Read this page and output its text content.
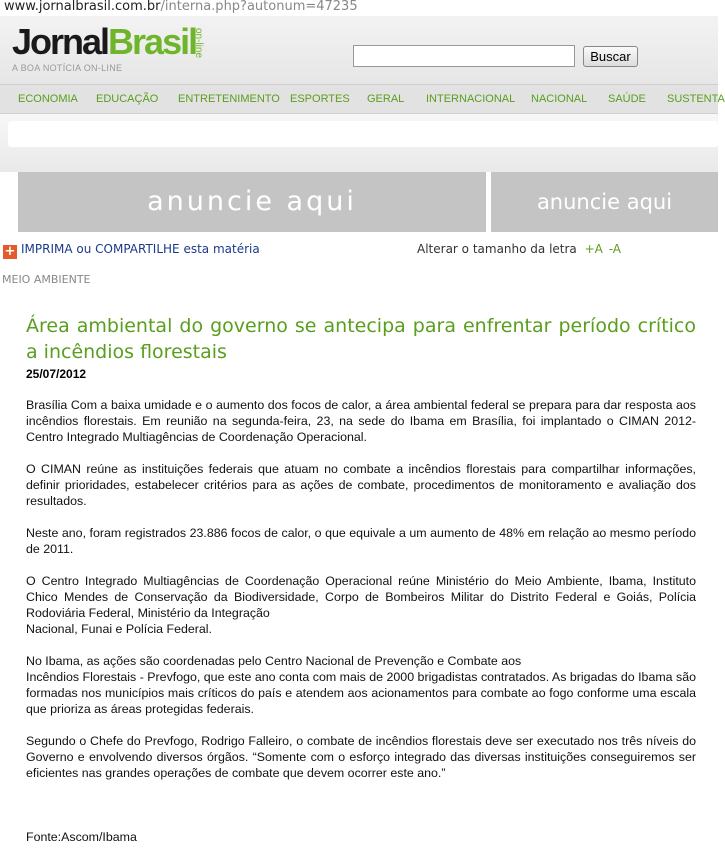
www.jornalbrasil.com.br/interna.php?autonum=47235
JornalBrasil
on-line
A BOA NOTÍCIA ON-LINE
Buscar
ECONOMIA EDUCAÇÃO ENTRETENIMENTO ESPORTES GERAL INTERNACIONAL NACIONAL SAÚDE SUSTENTA
anuncie aqui	anuncie aqui
+ IMPRIMA ou COMPARTILHE esta matéria	Alterar o tamanho da letra +A -A
MEIO AMBIENTE
Área ambiental do governo se antecipa para enfrentar período crítico a incêndios florestais
25/07/2012

Brasília Com a baixa umidade e o aumento dos focos de calor, a área ambiental federal se prepara para dar resposta aos incêndios florestais. Em reunião na segunda-feira, 23, na sede do Ibama em Brasília, foi implantado o CIMAN 2012- Centro Integrado Multiagências de Coordenação Operacional.

O CIMAN reúne as instituições federais que atuam no combate a incêndios florestais para compartilhar informações, definir prioridades, estabelecer critérios para as ações de combate, procedimentos de monitoramento e avaliação dos resultados.

Neste ano, foram registrados 23.886 focos de calor, o que equivale a um aumento de 48% em relação ao mesmo período de 2011.

O Centro Integrado Multiagências de Coordenação Operacional reúne Ministério do Meio Ambiente, Ibama, Instituto Chico Mendes de Conservação da Biodiversidade, Corpo de Bombeiros Militar do Distrito Federal e Goiás, Polícia Rodoviária Federal, Ministério da Integração

Nacional, Funai e Polícia Federal.

No Ibama, as ações são coordenadas pelo Centro Nacional de Prevenção e Combate aos

Incêndios Florestais - Prevfogo, que este ano conta com mais de 2000 brigadistas contratados. As brigadas do Ibama são formadas nos municípios mais críticos do país e atendem aos acionamentos para combate ao fogo conforme uma escala que prioriza as áreas protegidas federais.

Segundo o Chefe do Prevfogo, Rodrigo Falleiro, o combate de incêndios florestais deve ser executado nos três níveis do Governo e envolvendo diversos órgãos. “Somente com o esforço integrado das diversas instituições conseguiremos ser eficientes nas grandes operações de combate que devem ocorrer este ano.”

Fonte:Ascom/Ibama
